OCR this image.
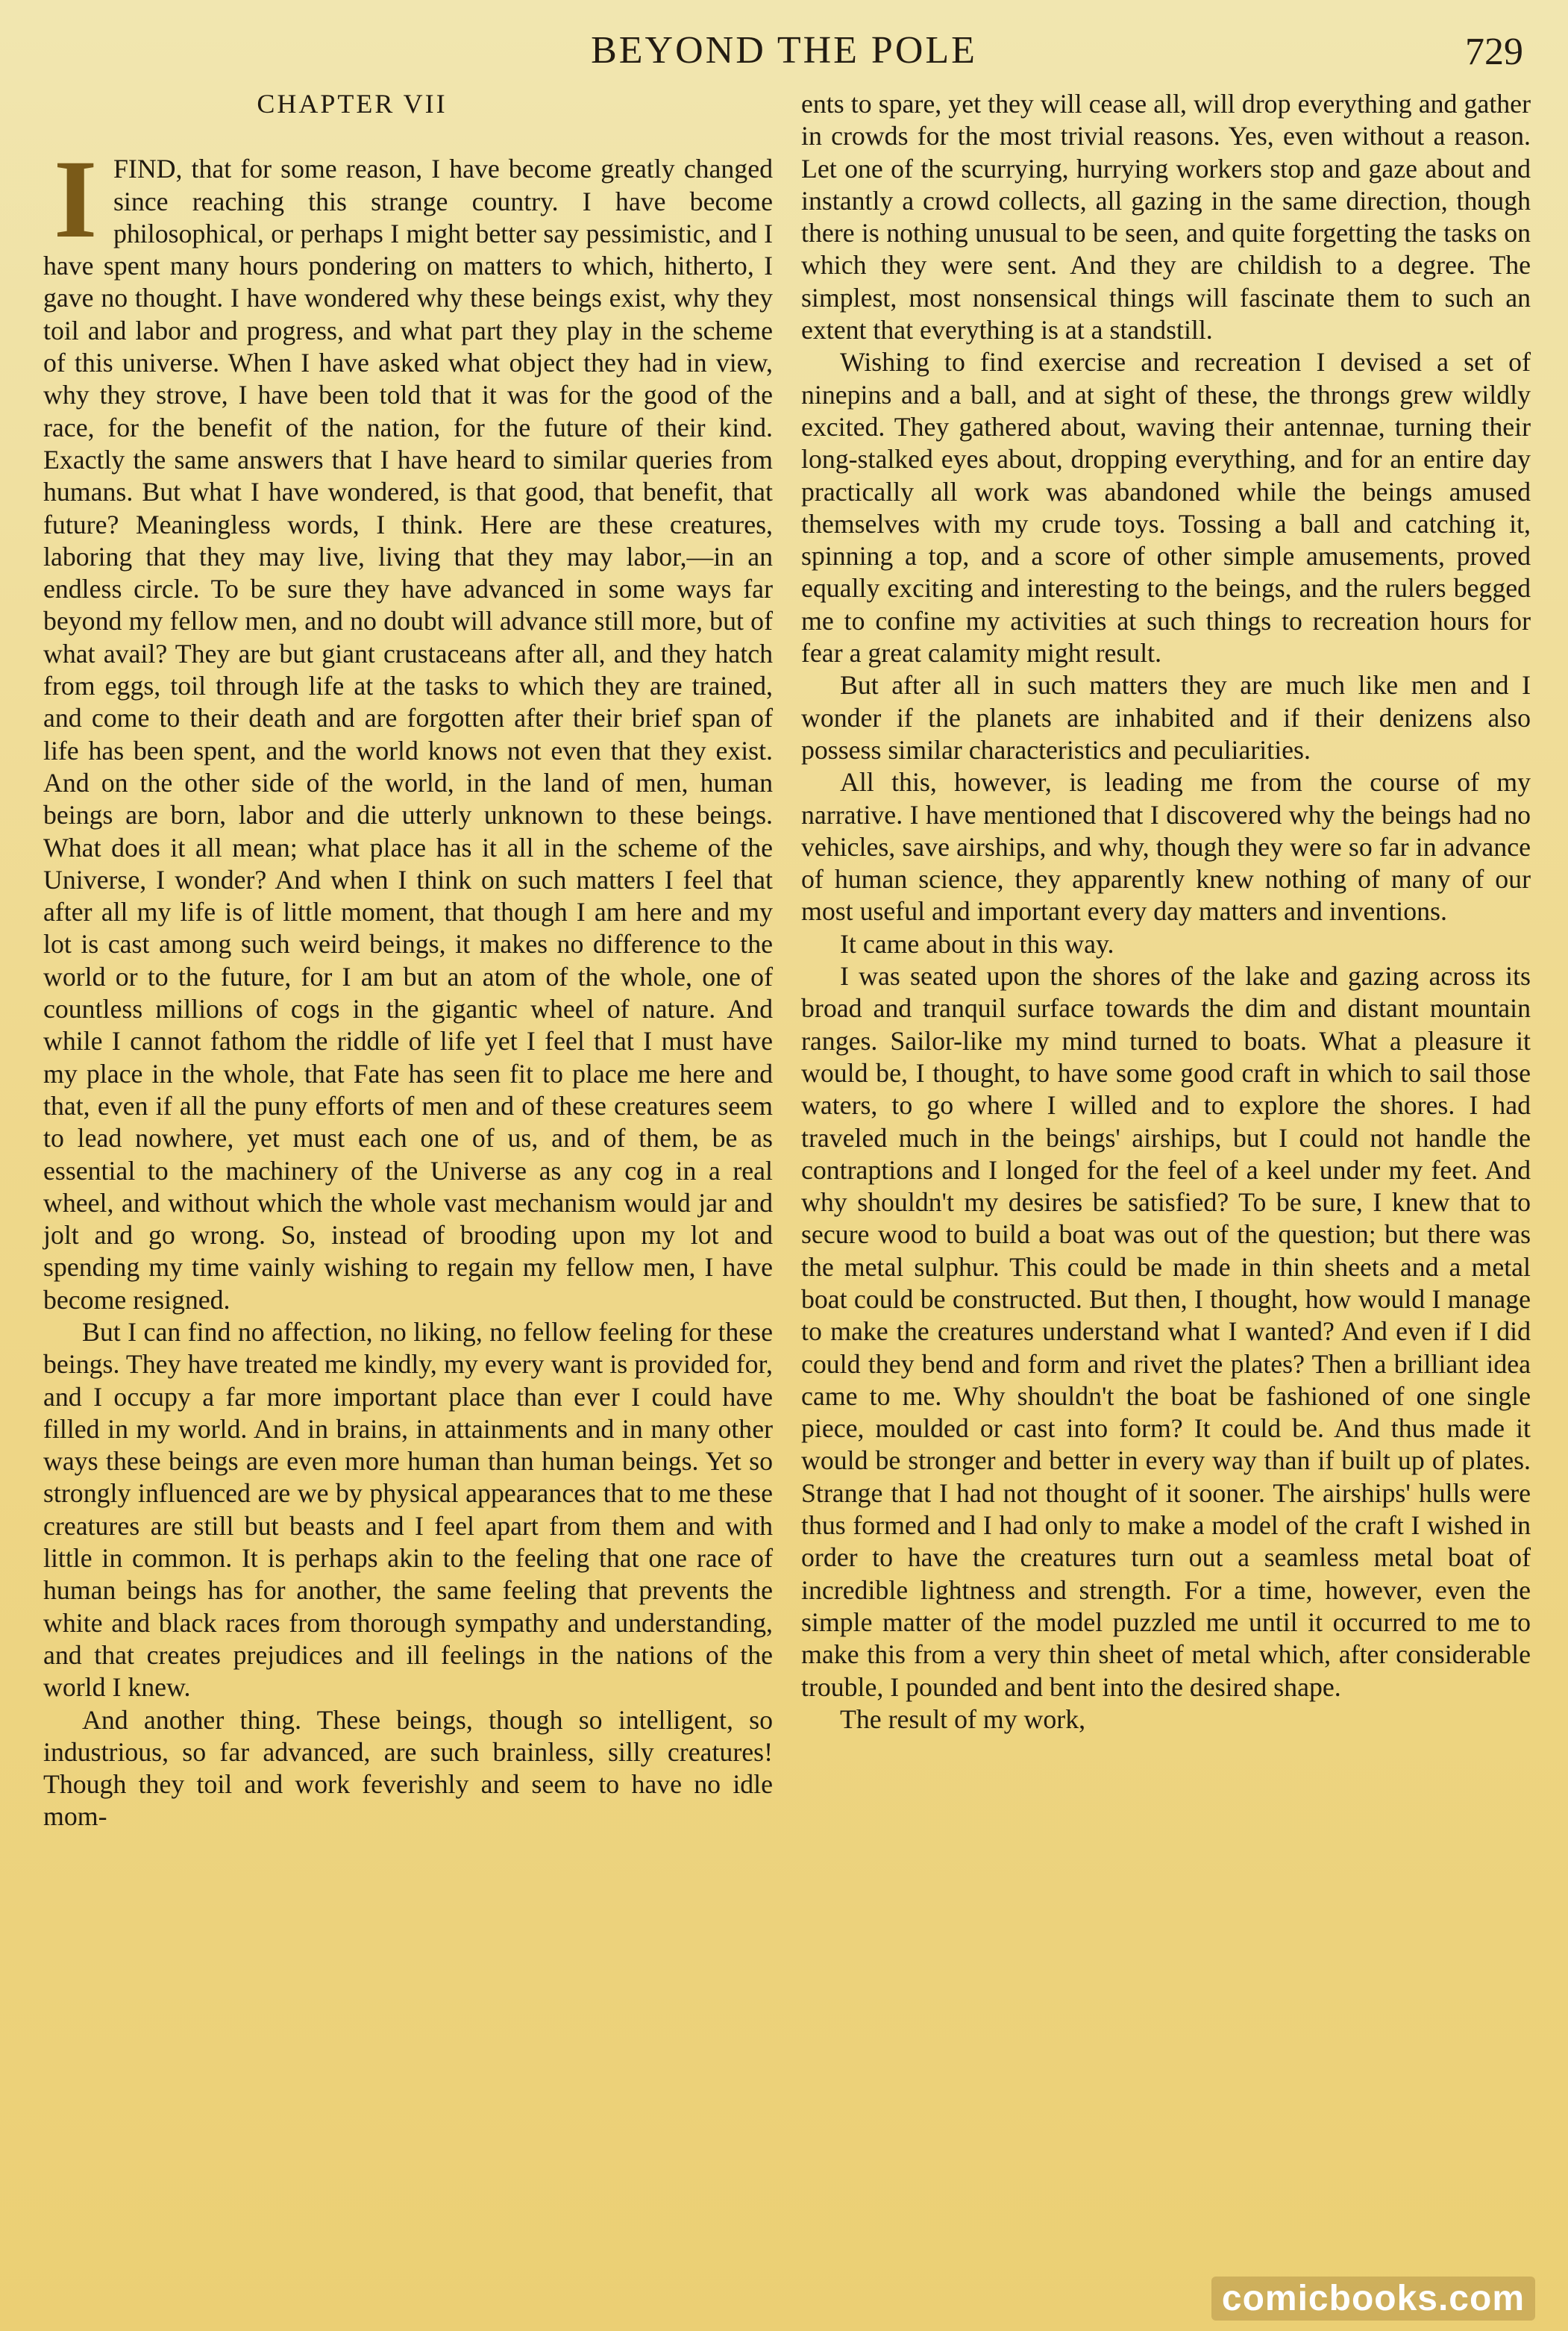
BEYOND THE POLE	729
CHAPTER VII

IFIND, that for some reason, I have become greatly changed since reaching this strange country. I have become philosophical, or perhaps I might better say pessimistic, and I have spent many hours pondering on matters to which, hitherto, I gave no thought. I have wondered why these beings exist, why they toil and labor and progress, and what part they play in the scheme of this universe. When I have asked what object they had in view, why they strove, I have been told that it was for the good of the race, for the benefit of the nation, for the future of their kind. Exactly the same answers that I have heard to similar queries from humans. But what I have wondered, is that good, that benefit, that future? Meaningless words, I think. Here are these creatures, laboring that they may live, living that they may labor,—in an endless circle. To be sure they have advanced in some ways far beyond my fellow men, and no doubt will advance still more, but of what avail? They are but giant crustaceans after all, and they hatch from eggs, toil through life at the tasks to which they are trained, and come to their death and are forgotten after their brief span of life has been spent, and the world knows not even that they exist. And on the other side of the world, in the land of men, human beings are born, labor and die utterly unknown to these beings. What does it all mean; what place has it all in the scheme of the Universe, I wonder? And when I think on such matters I feel that after all my life is of little moment, that though I am here and my lot is cast among such weird beings, it makes no difference to the world or to the future, for I am but an atom of the whole, one of countless millions of cogs in the gigantic wheel of nature. And while I cannot fathom the riddle of life yet I feel that I must have my place in the whole, that Fate has seen fit to place me here and that, even if all the puny efforts of men and of these creatures seem to lead nowhere, yet must each one of us, and of them, be as essential to the machinery of the Universe as any cog in a real wheel, and without which the whole vast mechanism would jar and jolt and go wrong. So, instead of brooding upon my lot and spending my time vainly wishing to regain my fellow men, I have become resigned.

But I can find no affection, no liking, no fellow feeling for these beings. They have treated me kindly, my every want is provided for, and I occupy a far more important place than ever I could have filled in my world. And in brains, in attainments and in many other ways these beings are even more human than human beings. Yet so strongly influenced are we by physical appearances that to me these creatures are still but beasts and I feel apart from them and with little in common. It is perhaps akin to the feeling that one race of human beings has for another, the same feeling that prevents the white and black races from thorough sympathy and understanding, and that creates prejudices and ill feelings in the nations of the world I knew.

And another thing. These beings, though so intelligent, so industrious, so far advanced, are such brainless, silly creatures! Though they toil and work feverishly and seem to have no idle mom-

ents to spare, yet they will cease all, will drop everything and gather in crowds for the most trivial reasons. Yes, even without a reason. Let one of the scurrying, hurrying workers stop and gaze about and instantly a crowd collects, all gazing in the same direction, though there is nothing unusual to be seen, and quite forgetting the tasks on which they were sent. And they are childish to a degree. The simplest, most nonsensical things will fascinate them to such an extent that everything is at a standstill.

Wishing to find exercise and recreation I devised a set of ninepins and a ball, and at sight of these, the throngs grew wildly excited. They gathered about, waving their antennae, turning their long-stalked eyes about, dropping everything, and for an entire day practically all work was abandoned while the beings amused themselves with my crude toys. Tossing a ball and catching it, spinning a top, and a score of other simple amusements, proved equally exciting and interesting to the beings, and the rulers begged me to confine my activities at such things to recreation hours for fear a great calamity might result.

But after all in such matters they are much like men and I wonder if the planets are inhabited and if their denizens also possess similar characteristics and peculiarities.

All this, however, is leading me from the course of my narrative. I have mentioned that I discovered why the beings had no vehicles, save airships, and why, though they were so far in advance of human science, they apparently knew nothing of many of our most useful and important every day matters and inventions.

It came about in this way.

I was seated upon the shores of the lake and gazing across its broad and tranquil surface towards the dim and distant mountain ranges. Sailor-like my mind turned to boats. What a pleasure it would be, I thought, to have some good craft in which to sail those waters, to go where I willed and to explore the shores. I had traveled much in the beings' airships, but I could not handle the contraptions and I longed for the feel of a keel under my feet. And why shouldn't my desires be satisfied? To be sure, I knew that to secure wood to build a boat was out of the question; but there was the metal sulphur. This could be made in thin sheets and a metal boat could be constructed. But then, I thought, how would I manage to make the creatures understand what I wanted? And even if I did could they bend and form and rivet the plates? Then a brilliant idea came to me. Why shouldn't the boat be fashioned of one single piece, moulded or cast into form? It could be. And thus made it would be stronger and better in every way than if built up of plates. Strange that I had not thought of it sooner. The airships' hulls were thus formed and I had only to make a model of the craft I wished in order to have the creatures turn out a seamless metal boat of incredible lightness and strength. For a time, however, even the simple matter of the model puzzled me until it occurred to me to make this from a very thin sheet of metal which, after considerable trouble, I pounded and bent into the desired shape.

The result of my work,

comicbooks.com
